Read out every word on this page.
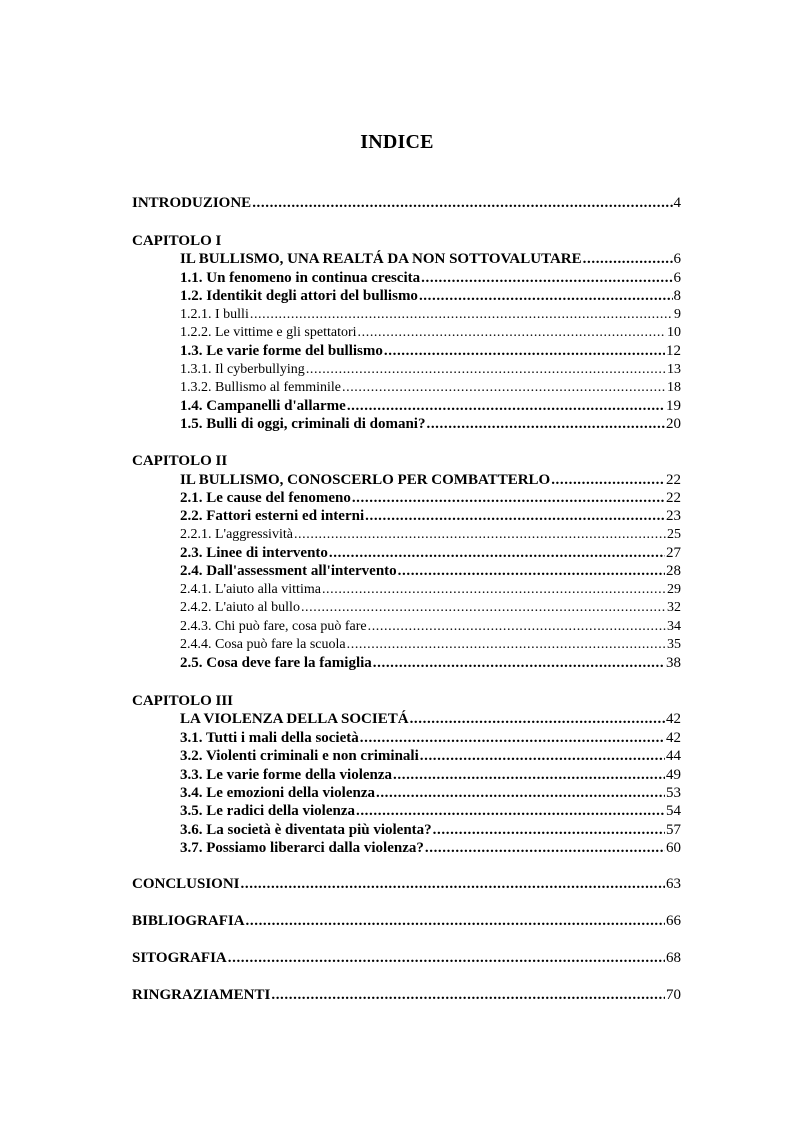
INDICE
INTRODUZIONE .....	4
CAPITOLO I
IL BULLISMO, UNA REALTÁ DA NON SOTTOVALUTARE .....	6
1.1. Un fenomeno in continua crescita .....	6
1.2. Identikit degli attori del bullismo .....	8
1.2.1. I bulli .....	9
1.2.2. Le vittime e gli spettatori .....	10
1.3. Le varie forme del bullismo .....	12
1.3.1. Il cyberbullying .....	13
1.3.2. Bullismo al femminile .....	18
1.4. Campanelli d'allarme .....	19
1.5. Bulli di oggi, criminali di domani? .....	20
CAPITOLO II
IL BULLISMO, CONOSCERLO PER COMBATTERLO .....	22
2.1. Le cause del fenomeno .....	22
2.2. Fattori esterni ed interni .....	23
2.2.1. L'aggressività .....	25
2.3. Linee di intervento .....	27
2.4. Dall'assessment all'intervento .....	28
2.4.1. L'aiuto alla vittima .....	29
2.4.2. L'aiuto al bullo .....	32
2.4.3. Chi può fare, cosa può fare .....	34
2.4.4. Cosa può fare la scuola .....	35
2.5. Cosa deve fare la famiglia .....	38
CAPITOLO III
LA VIOLENZA DELLA SOCIETÁ .....	42
3.1. Tutti i mali della società .....	42
3.2. Violenti criminali e non criminali .....	44
3.3. Le varie forme della violenza .....	49
3.4. Le emozioni della violenza .....	53
3.5. Le radici della violenza .....	54
3.6. La società è diventata più violenta? .....	57
3.7. Possiamo liberarci dalla violenza? .....	60
CONCLUSIONI .....	63
BIBLIOGRAFIA .....	66
SITOGRAFIA .....	68
RINGRAZIAMENTI .....	70
